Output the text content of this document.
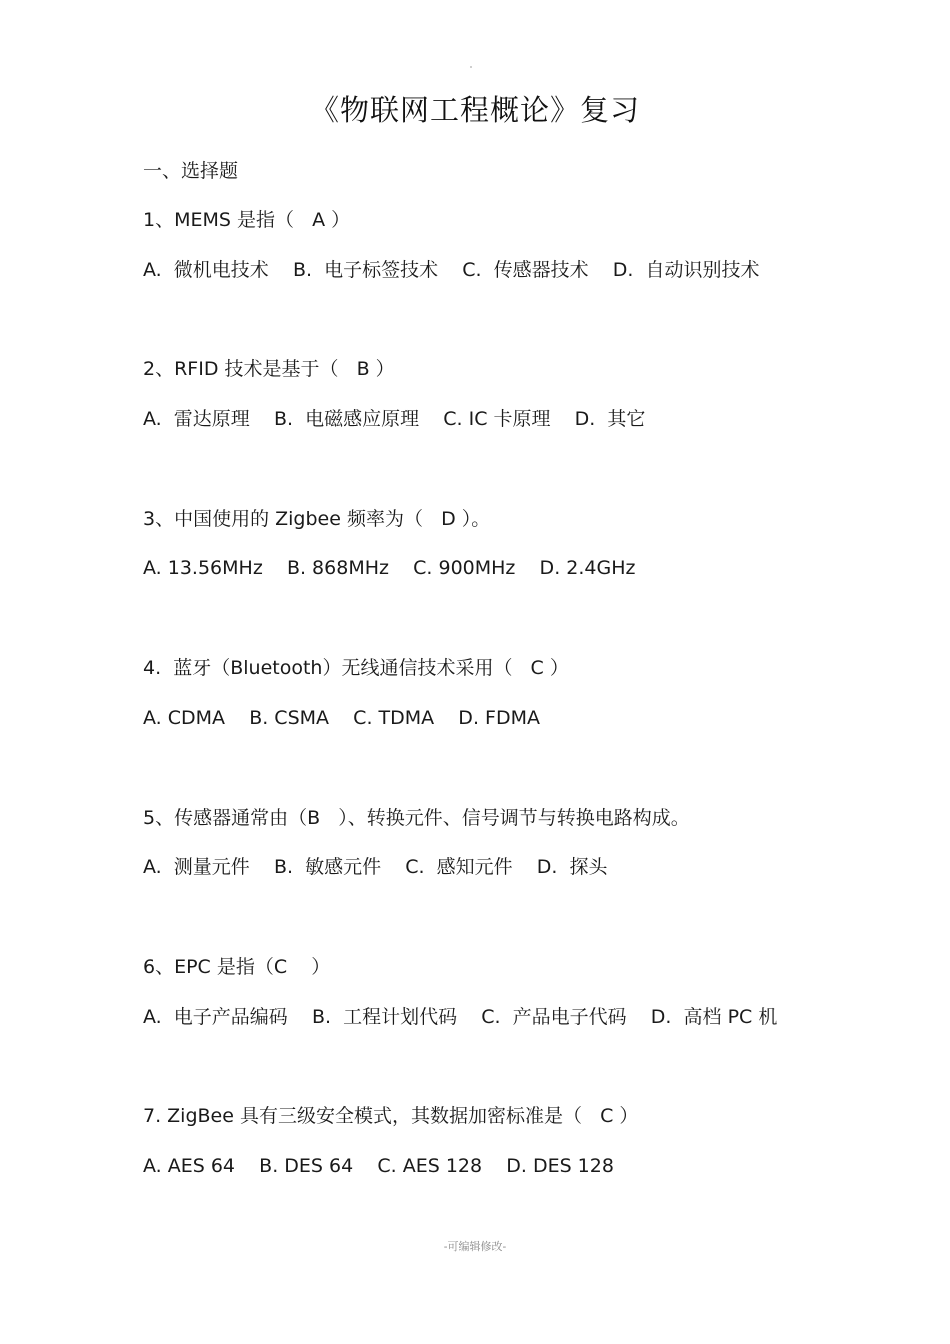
《物联网工程概论》复习
一、选择题
1、MEMS 是指（   A ）
A.  微机电技术    B.  电子标签技术    C.  传感器技术    D.  自动识别技术
2、RFID 技术是基于（   B ）
A.  雷达原理    B.  电磁感应原理    C. IC 卡原理    D.  其它
3、中国使用的 Zigbee 频率为（   D ）。
A. 13.56MHz    B. 868MHz    C. 900MHz    D. 2.4GHz
4.  蓝牙（Bluetooth）无线通信技术采用（   C ）
A. CDMA    B. CSMA    C. TDMA    D. FDMA
5、传感器通常由（B   ）、转换元件、信号调节与转换电路构成。
A.  测量元件    B.  敏感元件    C.  感知元件    D.  探头
6、EPC 是指（C    ）
A.  电子产品编码    B.  工程计划代码    C.  产品电子代码    D.  高档 PC 机
7. ZigBee 具有三级安全模式，其数据加密标准是（   C ）
A. AES 64    B. DES 64    C. AES 128    D. DES 128
-可编辑修改-
